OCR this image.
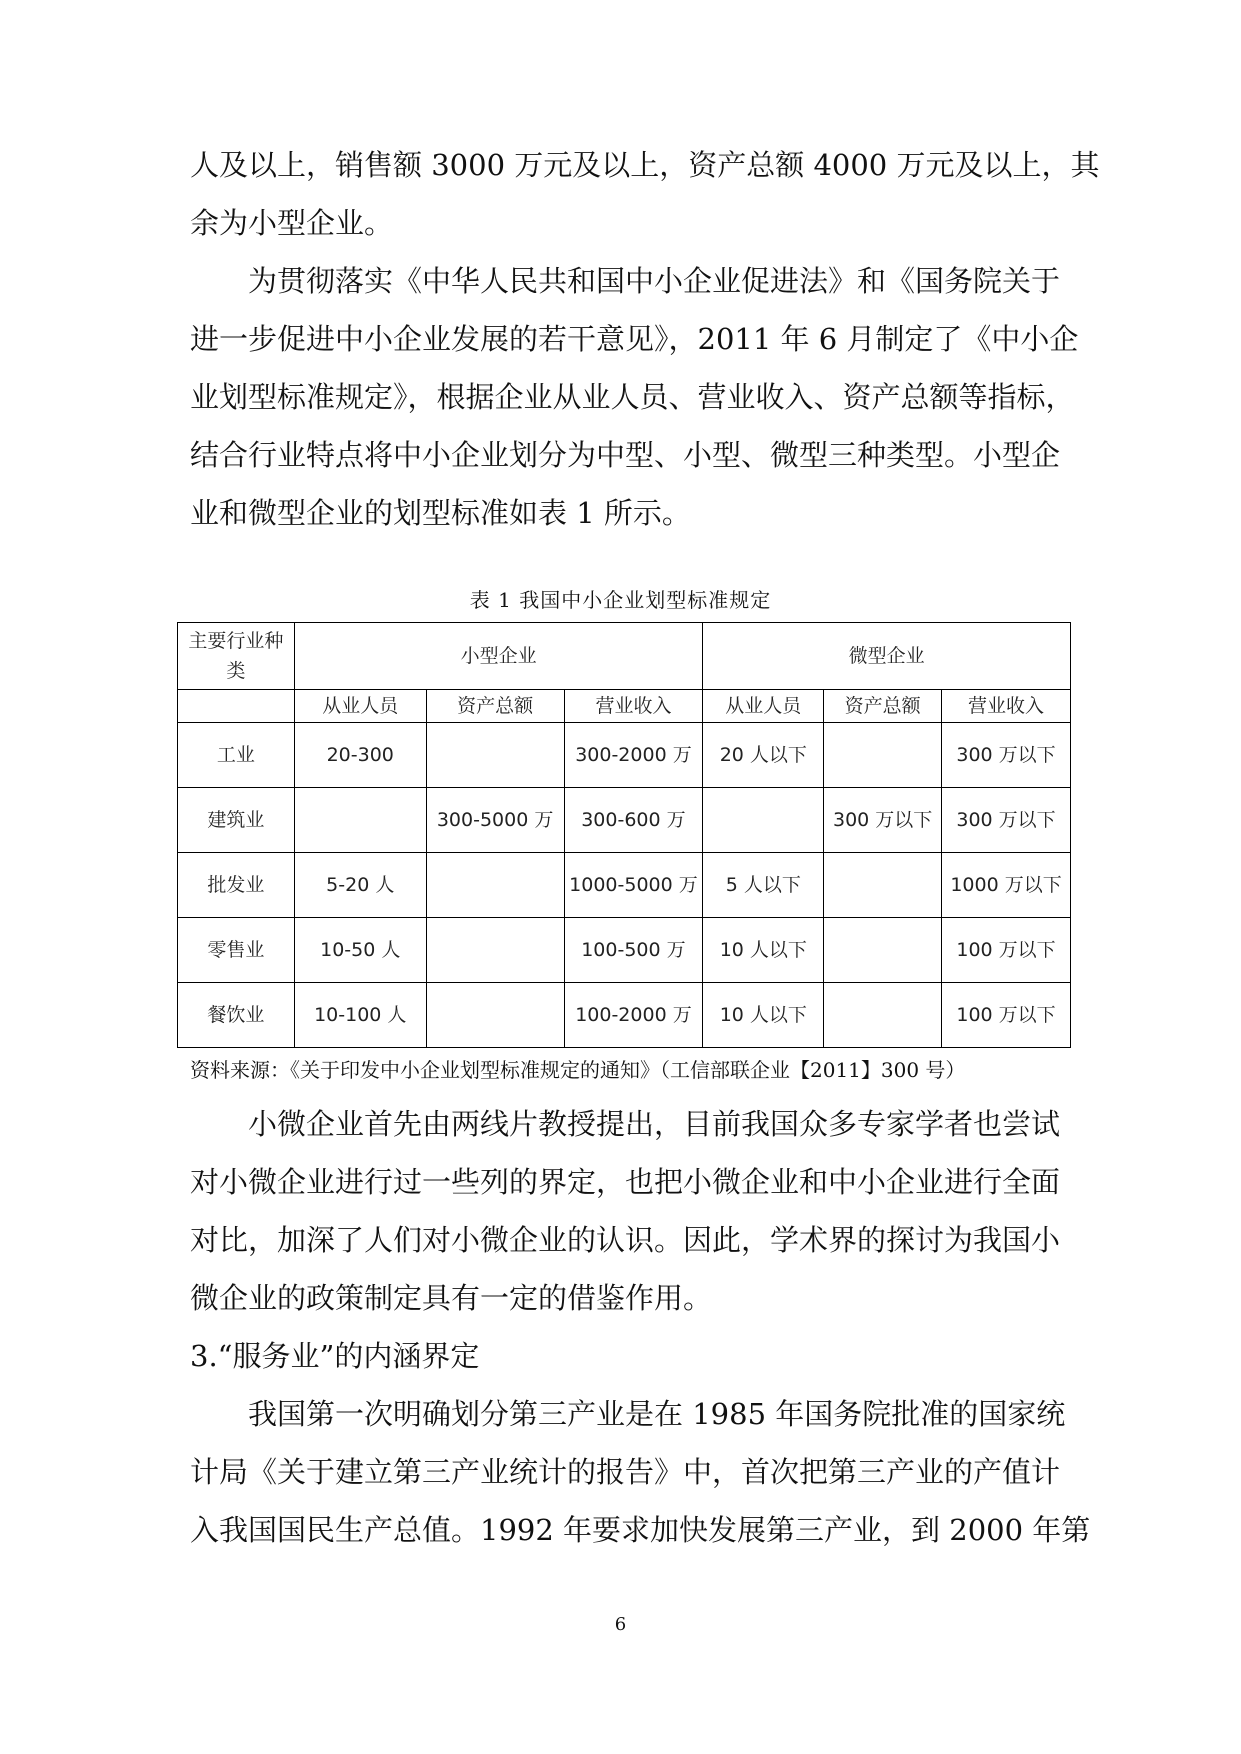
人及以上，销售额 3000 万元及以上，资产总额 4000 万元及以上，其
余为小型企业。
为贯彻落实《中华人民共和国中小企业促进法》和《国务院关于
进一步促进中小企业发展的若干意见》，2011 年 6 月制定了《中小企
业划型标准规定》，根据企业从业人员、营业收入、资产总额等指标，
结合行业特点将中小企业划分为中型、小型、微型三种类型。小型企
业和微型企业的划型标准如表 1 所示。
表 1 我国中小企业划型标准规定
主要行业种类	小型企业			微型企业		
	从业人员	资产总额	营业收入	从业人员	资产总额	营业收入
工业	20-300		300-2000 万	20 人以下		300 万以下
建筑业		300-5000 万	300-600 万		300 万以下	300 万以下
批发业	5-20 人		1000-5000 万	5 人以下		1000 万以下
零售业	10-50 人		100-500 万	10 人以下		100 万以下
餐饮业	10-100 人		100-2000 万	10 人以下		100 万以下
资料来源：《关于印发中小企业划型标准规定的通知》（工信部联企业【2011】300 号）
小微企业首先由两线片教授提出，目前我国众多专家学者也尝试
对小微企业进行过一些列的界定，也把小微企业和中小企业进行全面
对比，加深了人们对小微企业的认识。因此，学术界的探讨为我国小
微企业的政策制定具有一定的借鉴作用。
3.“服务业”的内涵界定
我国第一次明确划分第三产业是在 1985 年国务院批准的国家统
计局《关于建立第三产业统计的报告》中，首次把第三产业的产值计
入我国国民生产总值。1992 年要求加快发展第三产业，到 2000 年第
6
